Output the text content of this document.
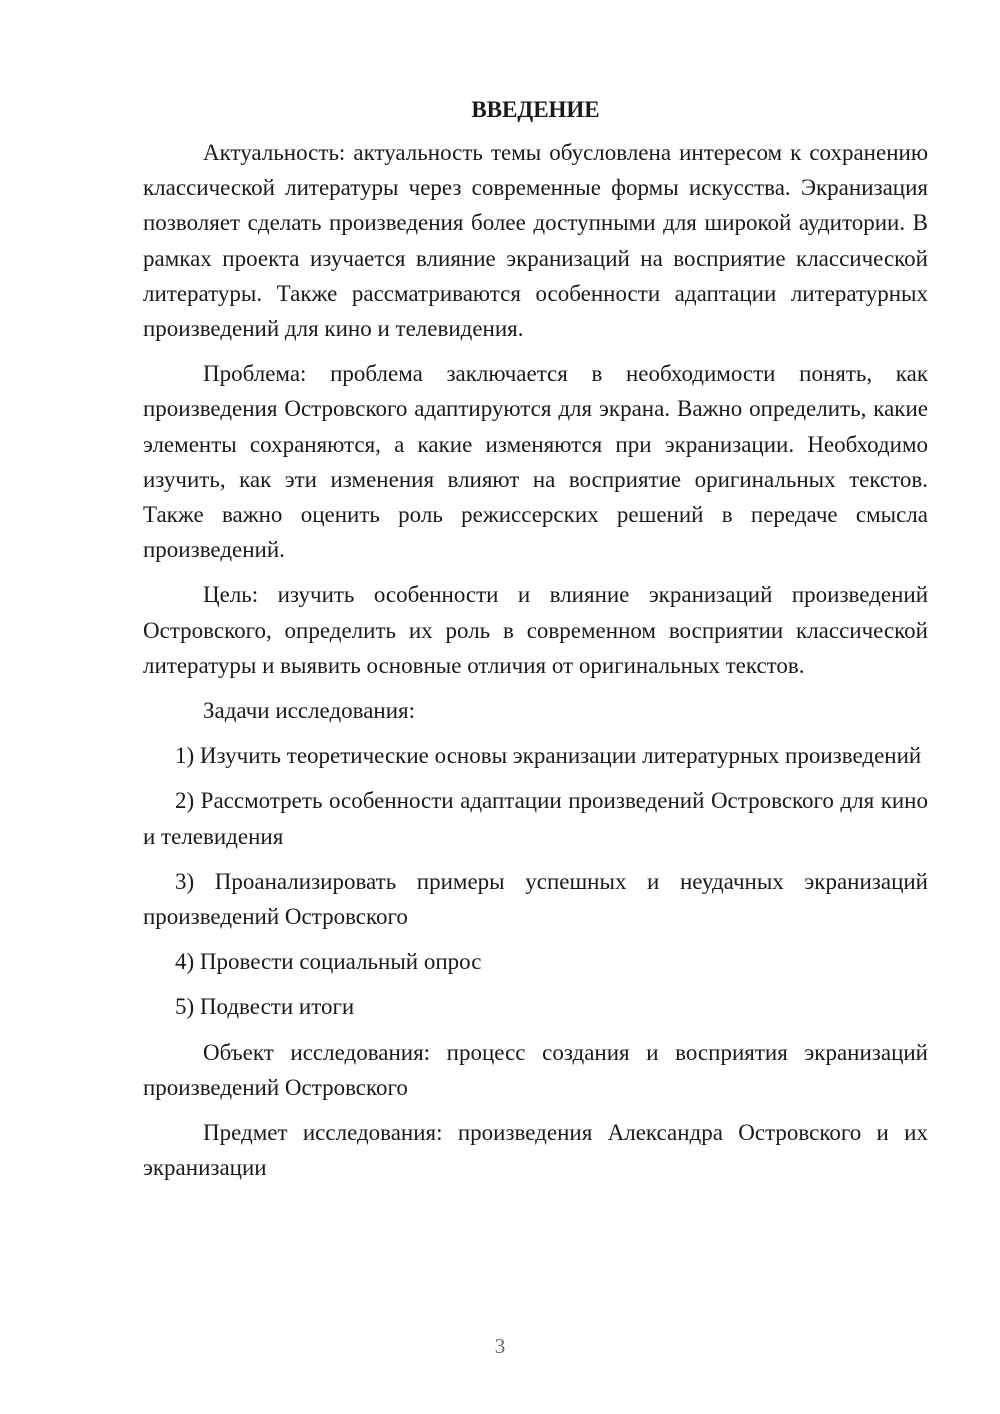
ВВЕДЕНИЕ

Актуальность: актуальность темы обусловлена интересом к сохранению классической литературы через современные формы искусства. Экранизация позволяет сделать произведения более доступными для широкой аудитории. В рамках проекта изучается влияние экранизаций на восприятие классической литературы. Также рассматриваются особенности адаптации литературных произведений для кино и телевидения.

Проблема: проблема заключается в необходимости понять, как произведения Островского адаптируются для экрана. Важно определить, какие элементы сохраняются, а какие изменяются при экранизации. Необходимо изучить, как эти изменения влияют на восприятие оригинальных текстов. Также важно оценить роль режиссерских решений в передаче смысла произведений.

Цель: изучить особенности и влияние экранизаций произведений Островского, определить их роль в современном восприятии классической литературы и выявить основные отличия от оригинальных текстов.

Задачи исследования:

1) Изучить теоретические основы экранизации литературных произведений

2) Рассмотреть особенности адаптации произведений Островского для кино и телевидения

3) Проанализировать примеры успешных и неудачных экранизаций произведений Островского

4) Провести социальный опрос

5) Подвести итоги

Объект исследования: процесс создания и восприятия экранизаций произведений Островского

Предмет исследования: произведения Александра Островского и их экранизации

3
